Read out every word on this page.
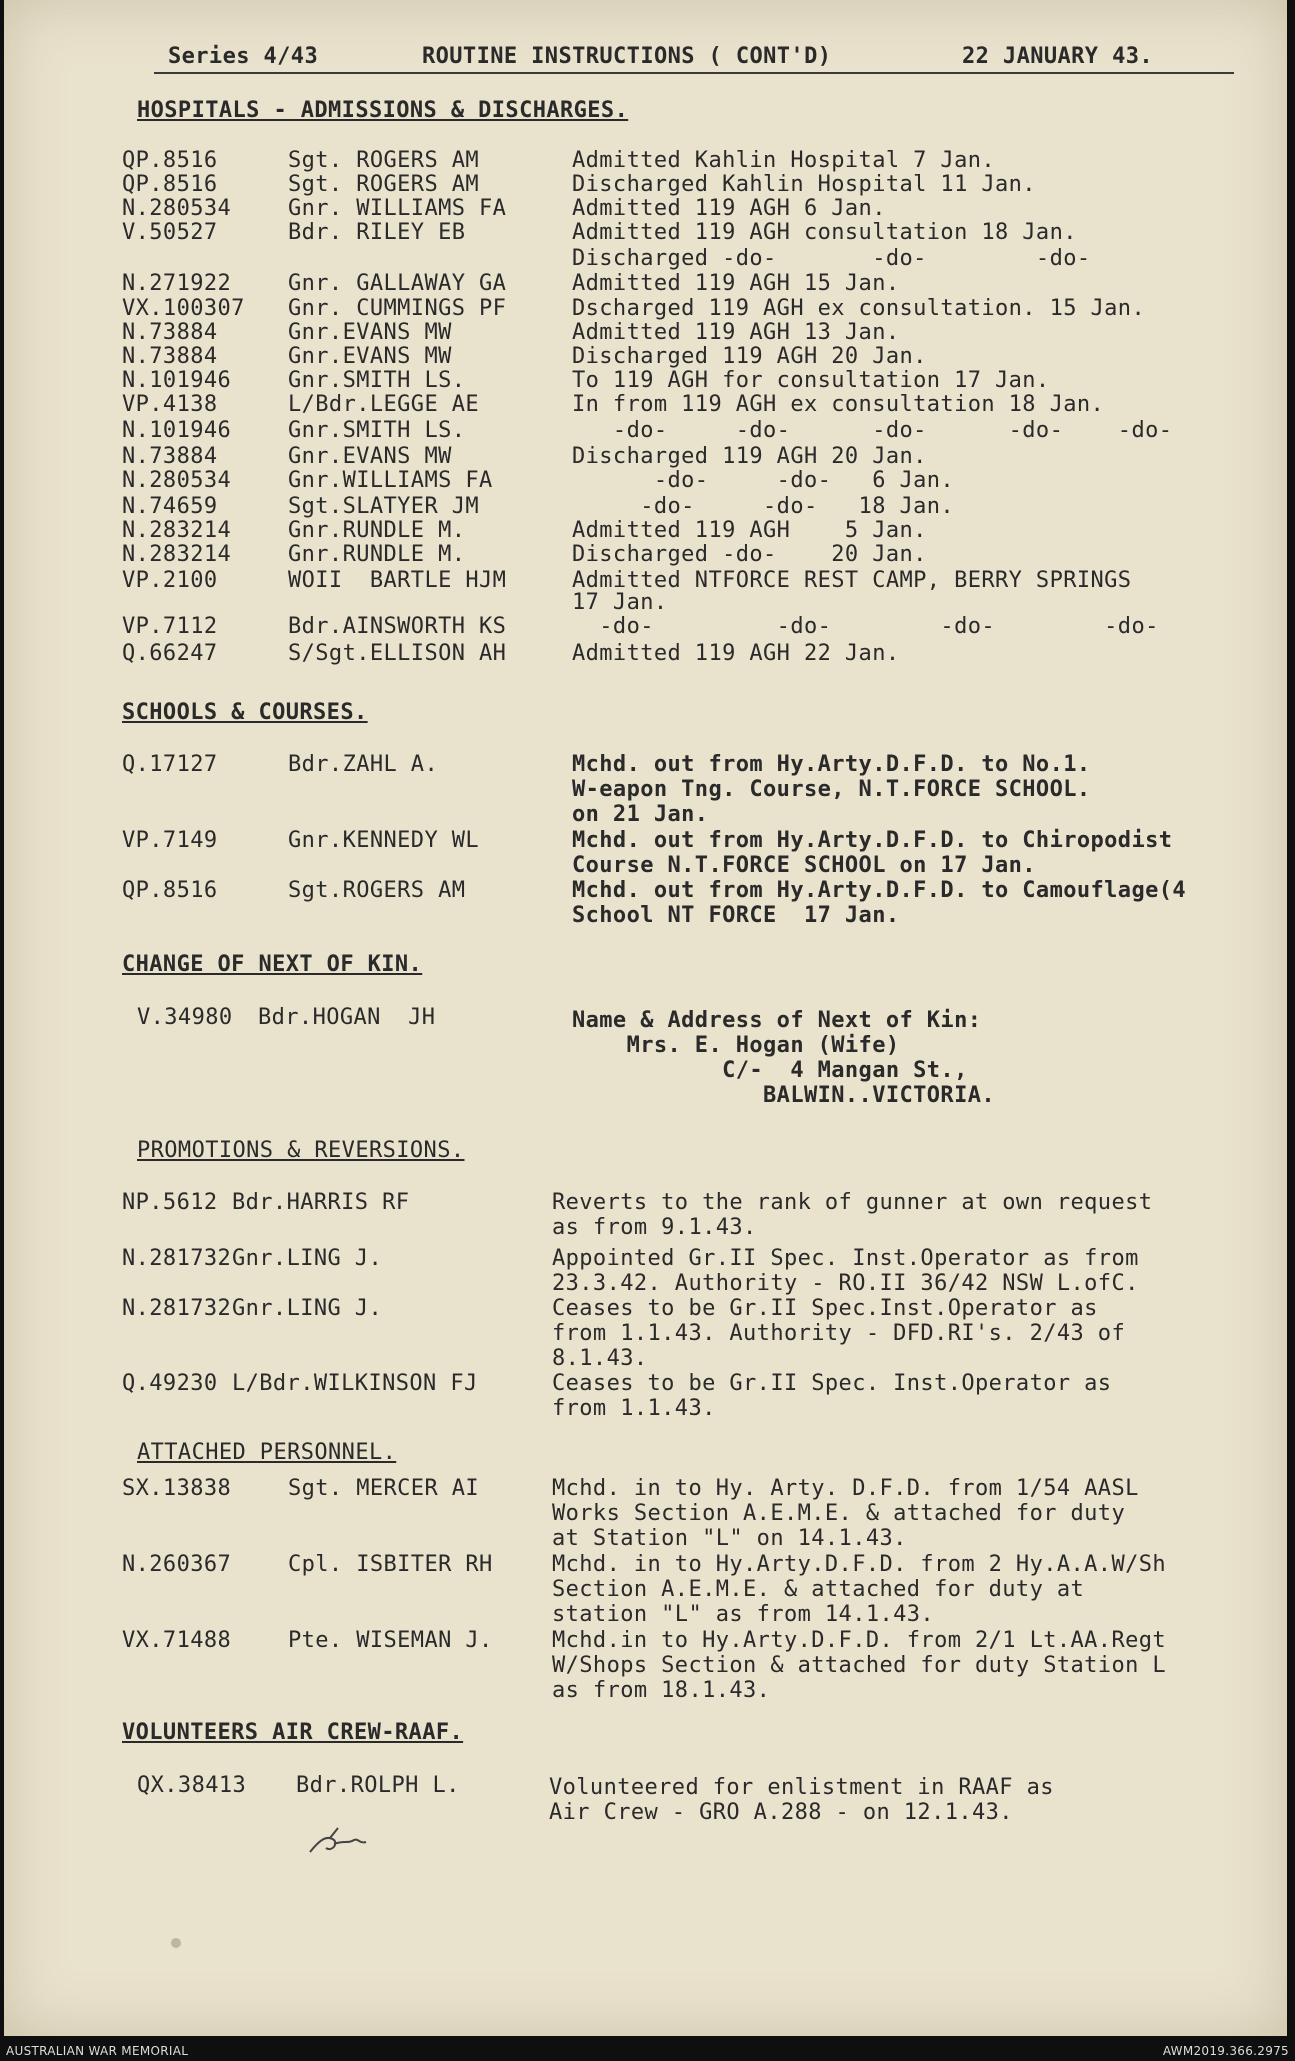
Series 4/43	ROUTINE INSTRUCTIONS ( CONT'D)	22 JANUARY 43.
HOSPITALS - ADMISSIONS & DISCHARGES.
QP.8516	Sgt. ROGERS AM	Admitted Kahlin Hospital 7 Jan.
QP.8516	Sgt. ROGERS AM	Discharged Kahlin Hospital 11 Jan.
N.280534	Gnr. WILLIAMS FA	Admitted 119 AGH 6 Jan.
V.50527	Bdr. RILEY EB	Admitted 119 AGH consultation 18 Jan.
Discharged -do-       -do-        -do-
N.271922	Gnr. GALLAWAY GA	Admitted 119 AGH 15 Jan.
VX.100307 Gnr. CUMMINGS PF	Dscharged 119 AGH ex consultation. 15 Jan.
N.73884	Gnr.EVANS MW	Admitted 119 AGH 13 Jan.
N.73884	Gnr.EVANS MW	Discharged 119 AGH 20 Jan.
N.101946	Gnr.SMITH LS.	To 119 AGH for consultation 17 Jan.
VP.4138	L/Bdr.LEGGE AE	In from 119 AGH ex consultation 18 Jan.
N.101946	Gnr.SMITH LS.	-do-     -do-      -do-      -do-    -do-
N.73884	Gnr.EVANS MW	Discharged 119 AGH 20 Jan.
N.280534	Gnr.WILLIAMS FA	-do-     -do-   6 Jan.
N.74659	Sgt.SLATYER JM	-do-     -do-   18 Jan.
N.283214	Gnr.RUNDLE M.	Admitted 119 AGH    5 Jan.
N.283214	Gnr.RUNDLE M.	Discharged -do-    20 Jan.
VP.2100	WOII  BARTLE HJM	Admitted NTFORCE REST CAMP, BERRY SPRINGS
17 Jan.
VP.7112	Bdr.AINSWORTH KS	-do-         -do-        -do-        -do-
Q.66247	S/Sgt.ELLISON AH	Admitted 119 AGH 22 Jan.
SCHOOLS & COURSES.
Q.17127	Bdr.ZAHL A.	Mchd. out from Hy.Arty.D.F.D. to No.1.
W-eapon Tng. Course, N.T.FORCE SCHOOL.
on 21 Jan.
VP.7149	Gnr.KENNEDY WL	Mchd. out from Hy.Arty.D.F.D. to Chiropodist
Course N.T.FORCE SCHOOL on 17 Jan.
QP.8516	Sgt.ROGERS AM	Mchd. out from Hy.Arty.D.F.D. to Camouflage(4
School NT FORCE  17 Jan.
CHANGE OF NEXT OF KIN.
V.34980 Bdr.HOGAN  JH	Name & Address of Next of Kin:
Mrs. E. Hogan (Wife)
C/-  4 Mangan St.,
BALWIN..VICTORIA.
PROMOTIONS & REVERSIONS.
NP.5612 Bdr.HARRIS RF	Reverts to the rank of gunner at own request
as from 9.1.43.
N.281732 Gnr.LING J.	Appointed Gr.II Spec. Inst.Operator as from
23.3.42. Authority - RO.II 36/42 NSW L.ofC.
N.281732 Gnr.LING J.	Ceases to be Gr.II Spec.Inst.Operator as
from 1.1.43. Authority - DFD.RI's. 2/43 of
8.1.43.
Q.49230 L/Bdr.WILKINSON FJ	Ceases to be Gr.II Spec. Inst.Operator as
from 1.1.43.
ATTACHED PERSONNEL.
SX.13838	Sgt. MERCER AI	Mchd. in to Hy. Arty. D.F.D. from 1/54 AASL
Works Section A.E.M.E. & attached for duty
at Station "L" on 14.1.43.
N.260367	Cpl. ISBITER RH	Mchd. in to Hy.Arty.D.F.D. from 2 Hy.A.A.W/Sh
Section A.E.M.E. & attached for duty at
station "L" as from 14.1.43.
VX.71488	Pte. WISEMAN J.	Mchd.in to Hy.Arty.D.F.D. from 2/1 Lt.AA.Regt
W/Shops Section & attached for duty Station L
as from 18.1.43.
VOLUNTEERS AIR CREW-RAAF.
QX.38413 Bdr.ROLPH L.	Volunteered for enlistment in RAAF as
Air Crew - GRO A.288 - on 12.1.43.
AUSTRALIAN WAR MEMORIAL	AWM2019.366.2975
